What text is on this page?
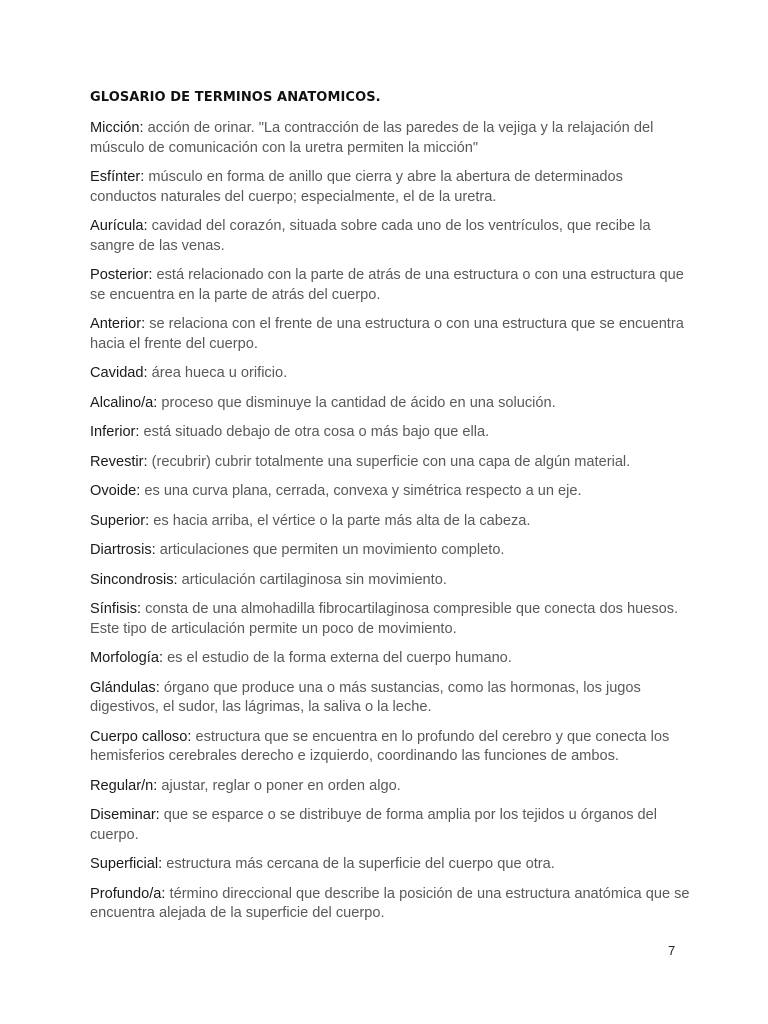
GLOSARIO DE TERMINOS ANATOMICOS.

Micción: acción de orinar. "La contracción de las paredes de la vejiga y la relajación del músculo de comunicación con la uretra permiten la micción"

Esfínter: músculo en forma de anillo que cierra y abre la abertura de determinados conductos naturales del cuerpo; especialmente, el de la uretra.

Aurícula: cavidad del corazón, situada sobre cada uno de los ventrículos, que recibe la sangre de las venas.

Posterior: está relacionado con la parte de atrás de una estructura o con una estructura que se encuentra en la parte de atrás del cuerpo.

Anterior: se relaciona con el frente de una estructura o con una estructura que se encuentra hacia el frente del cuerpo.

Cavidad: área hueca u orificio.

Alcalino/a: proceso que disminuye la cantidad de ácido en una solución.

Inferior: está situado debajo de otra cosa o más bajo que ella.

Revestir: (recubrir) cubrir totalmente una superficie con una capa de algún material.

Ovoide: es una curva plana, cerrada, convexa y simétrica respecto a un eje.

Superior: es hacia arriba, el vértice o la parte más alta de la cabeza.

Diartrosis: articulaciones que permiten un movimiento completo.

Sincondrosis: articulación cartilaginosa sin movimiento.

Sínfisis: consta de una almohadilla fibrocartilaginosa compresible que conecta dos huesos. Este tipo de articulación permite un poco de movimiento.

Morfología: es el estudio de la forma externa del cuerpo humano.

Glándulas: órgano que produce una o más sustancias, como las hormonas, los jugos digestivos, el sudor, las lágrimas, la saliva o la leche.

Cuerpo calloso: estructura que se encuentra en lo profundo del cerebro y que conecta los hemisferios cerebrales derecho e izquierdo, coordinando las funciones de ambos.

Regular/n: ajustar, reglar o poner en orden algo.

Diseminar: que se esparce o se distribuye de forma amplia por los tejidos u órganos del cuerpo.

Superficial: estructura más cercana de la superficie del cuerpo que otra.

Profundo/a: término direccional que describe la posición de una estructura anatómica que se encuentra alejada de la superficie del cuerpo.

7
